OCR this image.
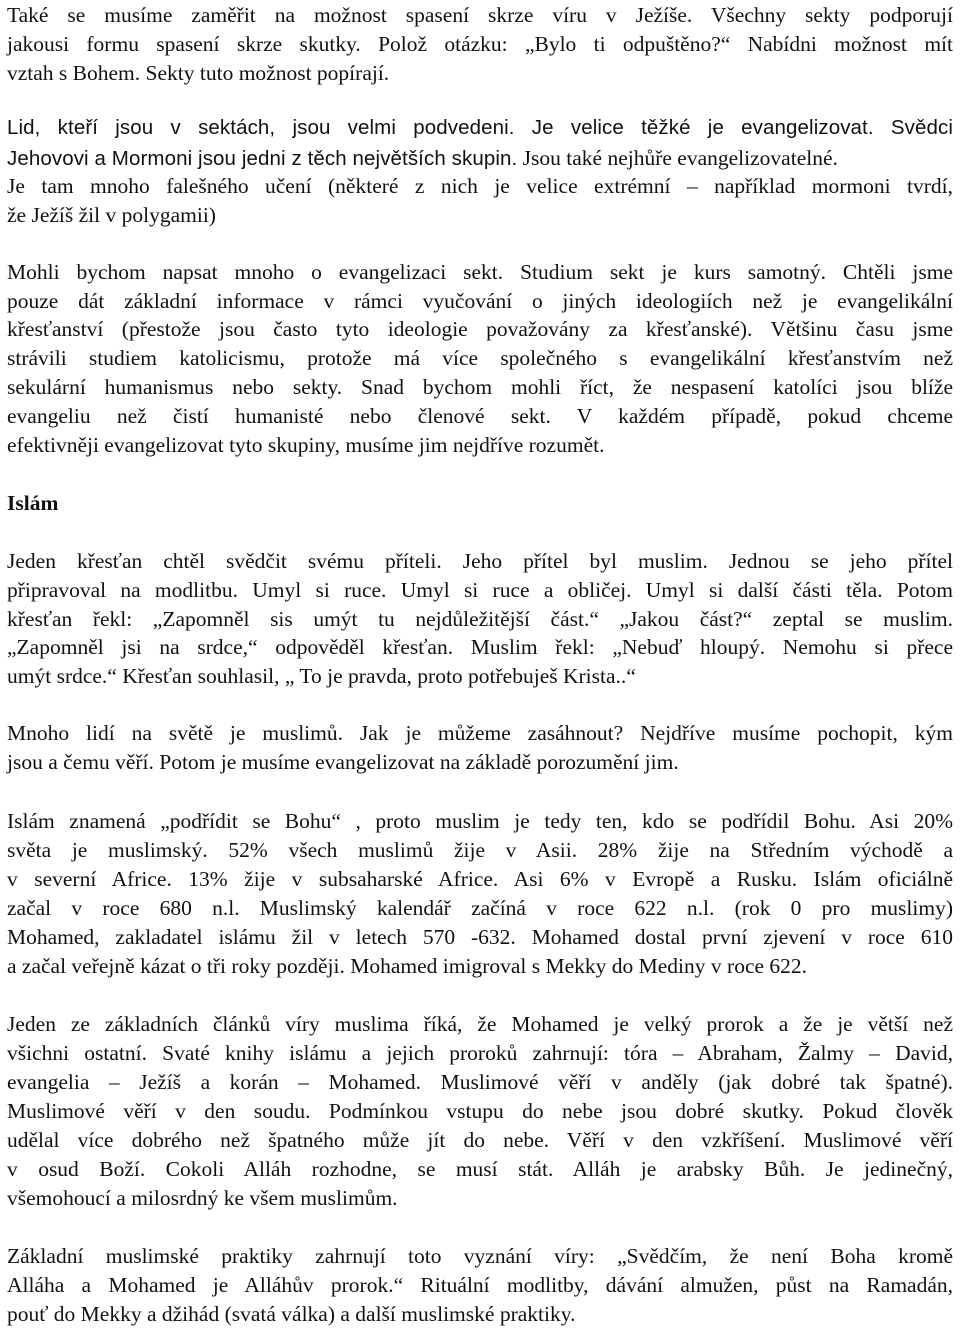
Také se musíme zaměřit na možnost spasení skrze víru v Ježíše. Všechny sekty podporují
jakousi formu spasení skrze skutky. Polož otázku: „Bylo ti odpuštěno?“ Nabídni možnost mít
vztah s Bohem. Sekty tuto možnost popírají.
Lid, kteří jsou v sektách, jsou velmi podvedeni. Je velice těžké je evangelizovat. Svědci
Jehovovi a Mormoni jsou jedni z těch největších skupin. Jsou také nejhůře evangelizovatelné.
Je tam mnoho falešného učení (některé z nich je velice extrémní – například mormoni tvrdí,
že Ježíš žil v polygamii)
Mohli bychom napsat mnoho o evangelizaci sekt. Studium sekt je kurs samotný. Chtěli jsme
pouze dát základní informace v rámci vyučování o jiných ideologiích než je evangelikální
křesťanství (přestože jsou často tyto ideologie považovány za křesťanské). Většinu času jsme
strávili studiem katolicismu, protože má více společného s evangelikální křesťanstvím než
sekulární humanismus nebo sekty. Snad bychom mohli říct, že nespasení katolíci jsou blíže
evangeliu než čistí humanisté nebo členové sekt. V každém případě, pokud chceme
efektivněji evangelizovat tyto skupiny, musíme jim nejdříve rozumět.
Islám
Jeden křesťan chtěl svědčit svému příteli. Jeho přítel byl muslim. Jednou se jeho přítel
připravoval na modlitbu. Umyl si ruce. Umyl si ruce a obličej. Umyl si další části těla. Potom
křesťan řekl: „Zapomněl sis umýt tu nejdůležitější část.“ „Jakou část?“ zeptal se muslim.
„Zapomněl jsi na srdce,“ odpověděl křesťan. Muslim řekl: „Nebuď hloupý. Nemohu si přece
umýt srdce.“ Křesťan souhlasil, „ To je pravda, proto potřebuješ Krista..“
Mnoho lidí na světě je muslimů. Jak je můžeme zasáhnout? Nejdříve musíme pochopit, kým
jsou a čemu věří. Potom je musíme evangelizovat na základě porozumění jim.
Islám znamená „podřídit se Bohu“ , proto muslim je tedy ten, kdo se podřídil Bohu. Asi 20%
světa je muslimský. 52% všech muslimů žije v Asii. 28% žije na Středním východě a
v severní Africe. 13% žije v subsaharské Africe. Asi 6% v Evropě a Rusku. Islám oficiálně
začal v roce 680 n.l. Muslimský kalendář začíná v roce 622 n.l. (rok 0 pro muslimy)
Mohamed, zakladatel islámu žil v letech 570 -632. Mohamed dostal první zjevení v roce 610
a začal veřejně kázat o tři roky později. Mohamed imigroval s Mekky do Mediny v roce 622.
Jeden ze základních článků víry muslima říká, že Mohamed je velký prorok a že je větší než
všichni ostatní. Svaté knihy islámu a jejich proroků zahrnují: tóra – Abraham, Žalmy – David,
evangelia – Ježíš a korán – Mohamed. Muslimové věří v anděly (jak dobré tak špatné).
Muslimové věří v den soudu. Podmínkou vstupu do nebe jsou dobré skutky. Pokud člověk
udělal více dobrého než špatného může jít do nebe. Věří v den vzkříšení. Muslimové věří
v osud Boží. Cokoli Alláh rozhodne, se musí stát. Alláh je arabsky Bůh. Je jedinečný,
všemohoucí a milosrdný ke všem muslimům.
Základní muslimské praktiky zahrnují toto vyznání víry: „Svědčím, že není Boha kromě
Alláha a Mohamed je Alláhův prorok.“ Rituální modlitby, dávání almužen, půst na Ramadán,
pouť do Mekky a džihád (svatá válka) a další muslimské praktiky.
